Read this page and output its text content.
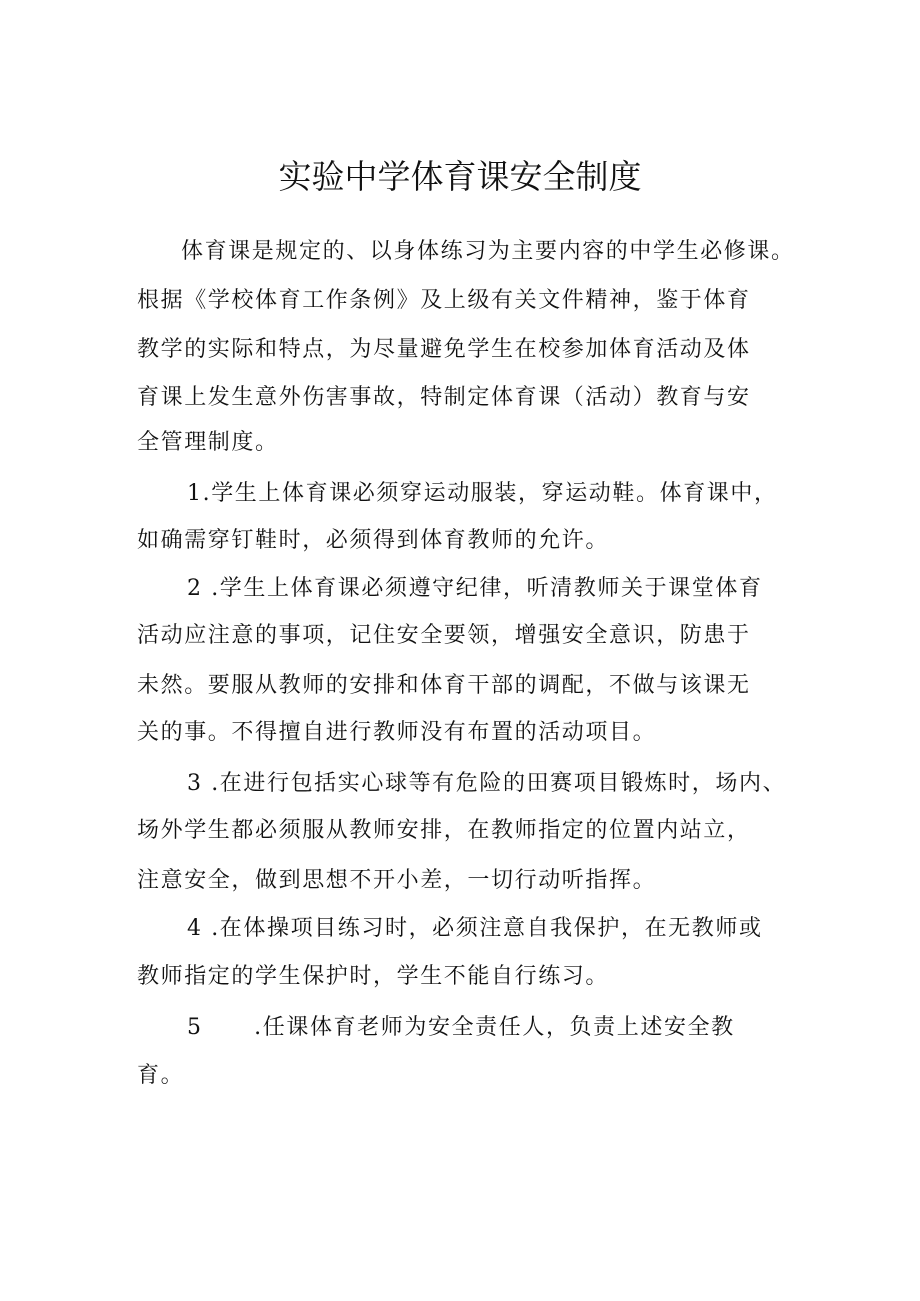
实验中学体育课安全制度
体育课是规定的、以身体练习为主要内容的中学生必修课。
根据《学校体育工作条例》及上级有关文件精神，鉴于体育
教学的实际和特点，为尽量避免学生在校参加体育活动及体
育课上发生意外伤害事故，特制定体育课（活动）教育与安
全管理制度。
1.学生上体育课必须穿运动服装，穿运动鞋。体育课中，
如确需穿钉鞋时，必须得到体育教师的允许。
2 .学生上体育课必须遵守纪律，听清教师关于课堂体育
活动应注意的事项，记住安全要领，增强安全意识，防患于
未然。要服从教师的安排和体育干部的调配，不做与该课无
关的事。不得擅自进行教师没有布置的活动项目。
3 .在进行包括实心球等有危险的田赛项目锻炼时，场内、
场外学生都必须服从教师安排，在教师指定的位置内站立，
注意安全，做到思想不开小差，一切行动听指挥。
4 .在体操项目练习时，必须注意自我保护，在无教师或
教师指定的学生保护时，学生不能自行练习。
5      .任课体育老师为安全责任人，负责上述安全教
育。
